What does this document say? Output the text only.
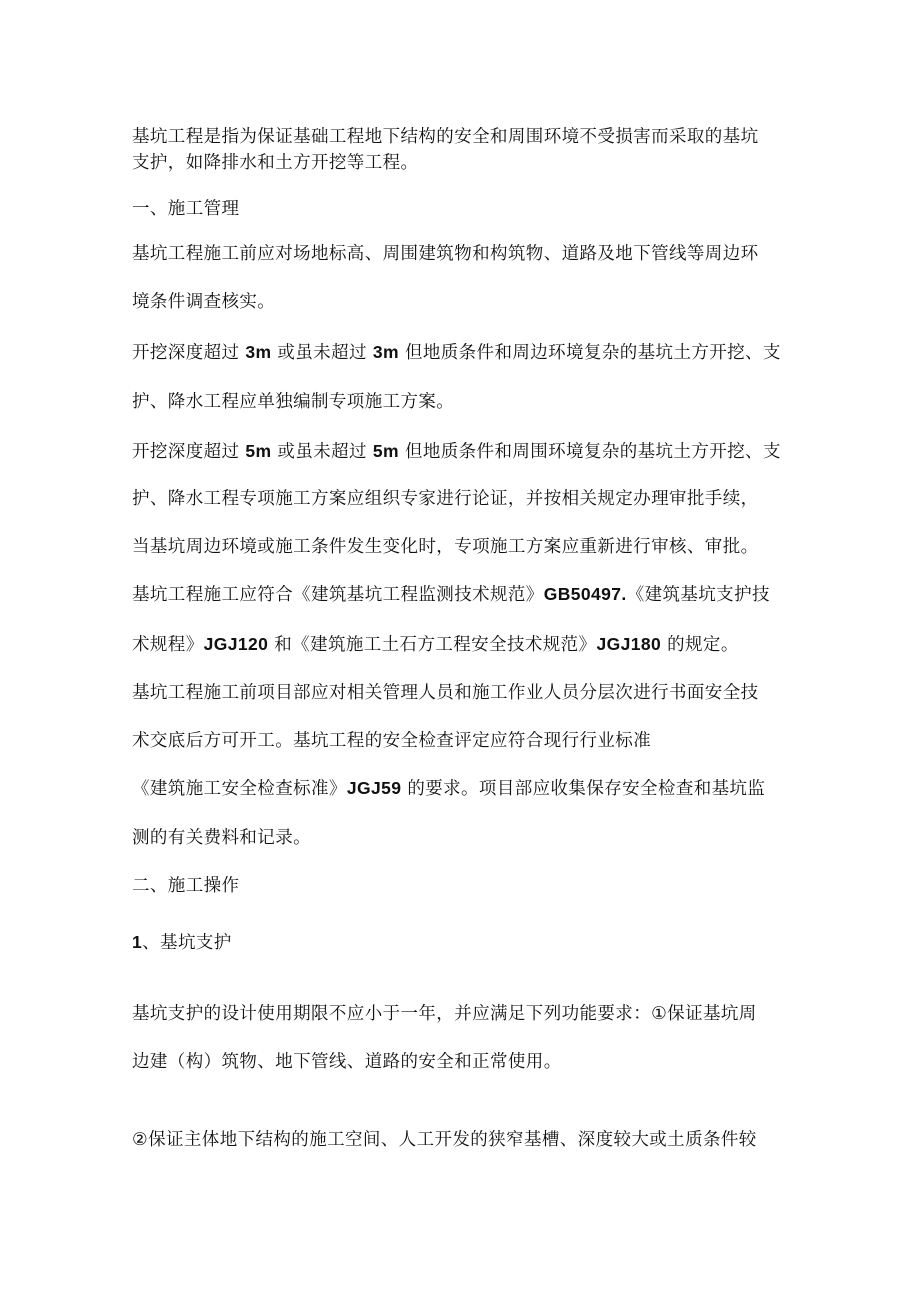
基坑工程是指为保证基础工程地下结构的安全和周围环境不受损害而采取的基坑

支护，如降排水和土方开挖等工程。

一、施工管理

基坑工程施工前应对场地标高、周围建筑物和构筑物、道路及地下管线等周边环

境条件调查核实。

开挖深度超过 3m 或虽未超过 3m 但地质条件和周边环境复杂的基坑土方开挖、支

护、降水工程应单独编制专项施工方案。

开挖深度超过 5m 或虽未超过 5m 但地质条件和周围环境复杂的基坑土方开挖、支

护、降水工程专项施工方案应组织专家进行论证，并按相关规定办理审批手续，

当基坑周边环境或施工条件发生变化时，专项施工方案应重新进行审核、审批。

基坑工程施工应符合《建筑基坑工程监测技术规范》GB50497.《建筑基坑支护技

术规程》JGJ120 和《建筑施工土石方工程安全技术规范》JGJ180 的规定。

基坑工程施工前项目部应对相关管理人员和施工作业人员分层次进行书面安全技

术交底后方可开工。基坑工程的安全检查评定应符合现行行业标准

《建筑施工安全检查标准》JGJ59 的要求。项目部应收集保存安全检查和基坑监

测的有关费料和记录。

二、施工操作

1、基坑支护

基坑支护的设计使用期限不应小于一年，并应满足下列功能要求：①保证基坑周

边建（构）筑物、地下管线、道路的安全和正常使用。

②保证主体地下结构的施工空间、人工开发的狭窄基槽、深度较大或土质条件较
